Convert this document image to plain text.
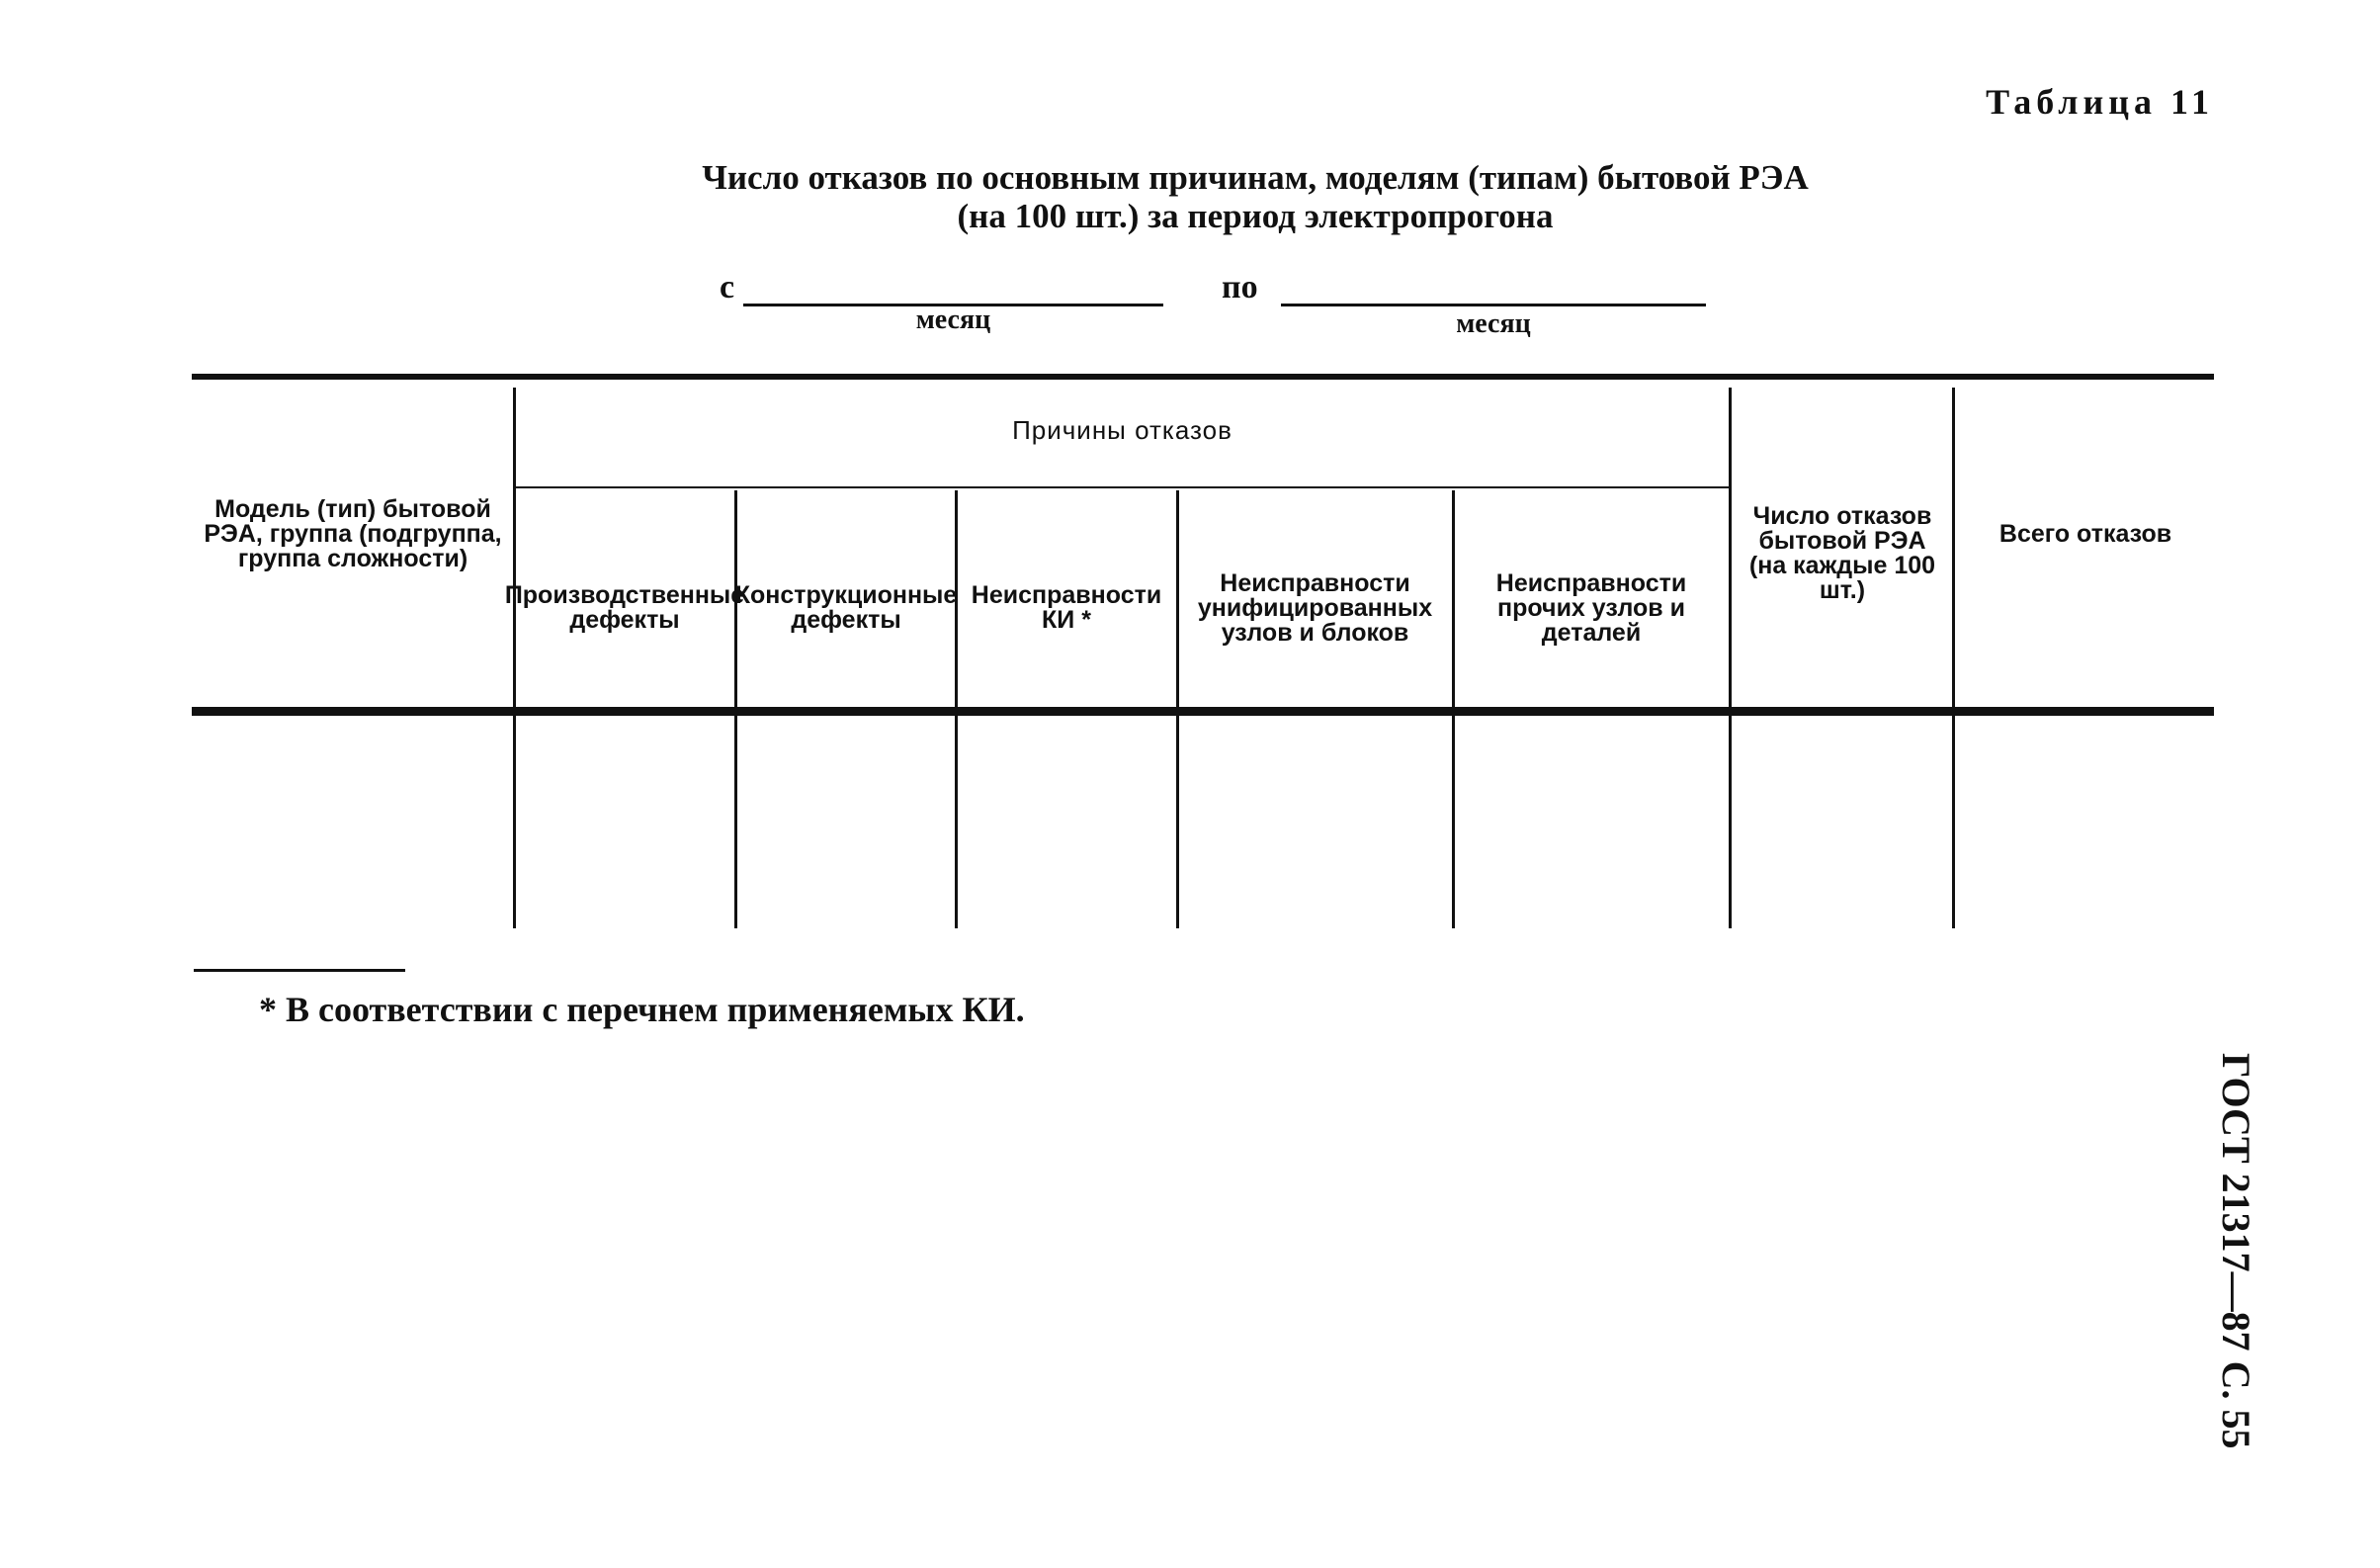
Таблица 11
Число отказов по основным причинам, моделям (типам) бытовой РЭА
(на 100 шт.) за период электропрогона
с
месяц
по
месяц
Модель (тип) бытовой РЭА, группа (подгруппа, группа сложности)
Причины отказов
Производственные дефекты
Конструкционные дефекты
Неисправности КИ *
Неисправности унифицированных узлов и блоков
Неисправности прочих узлов и деталей
Число отказов бытовой РЭА (на каждые 100 шт.)
Всего отказов
* В соответствии с перечнем применяемых КИ.
ГОСТ 21317—87 С. 55
